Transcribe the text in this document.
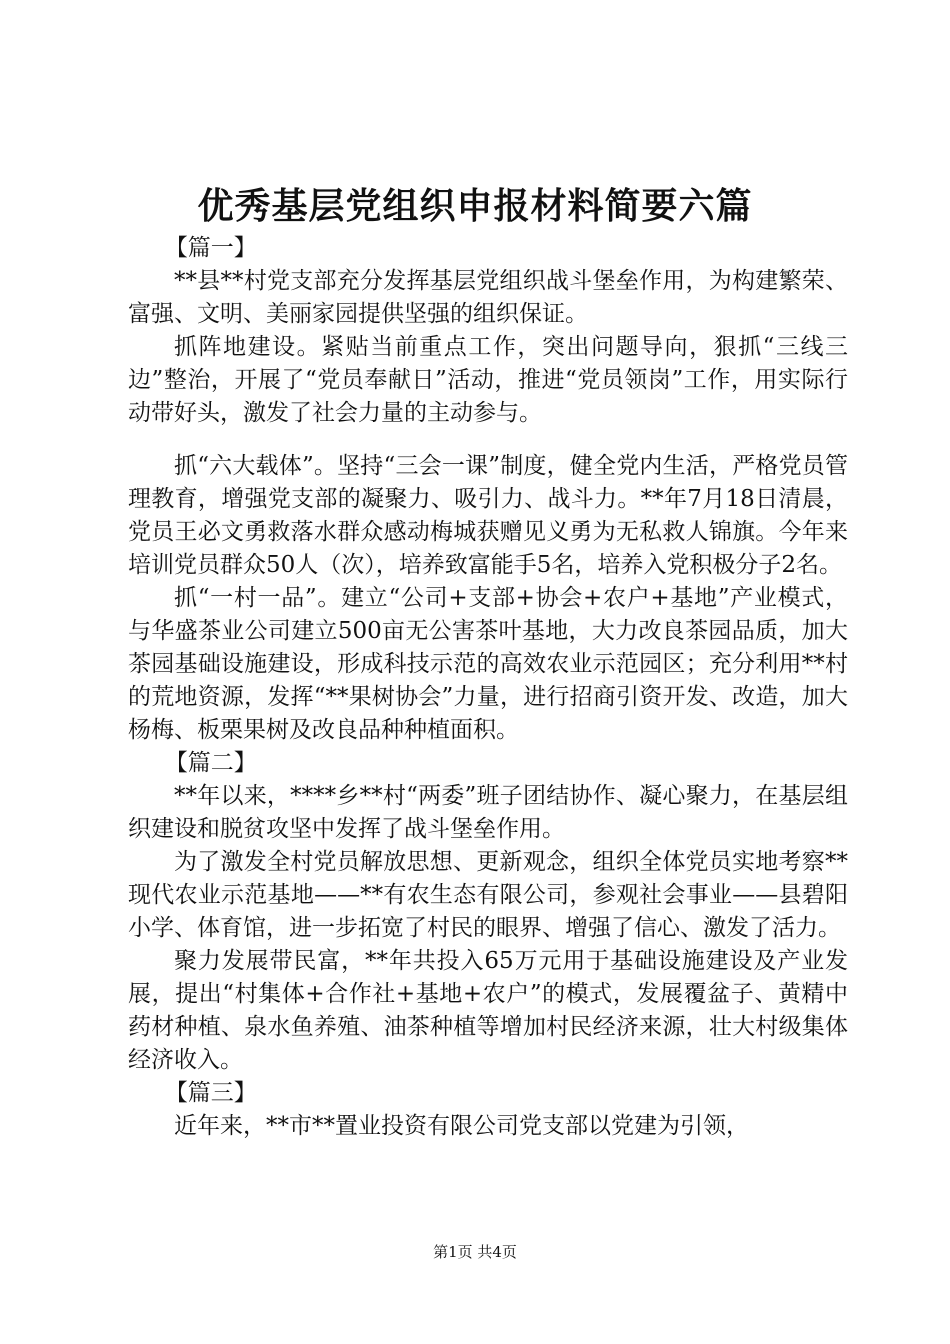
优秀基层党组织申报材料简要六篇

【篇一】

**县**村党支部充分发挥基层党组织战斗堡垒作用，为构建繁荣、富强、文明、美丽家园提供坚强的组织保证。

抓阵地建设。紧贴当前重点工作，突出问题导向，狠抓“三线三边”整治，开展了“党员奉献日”活动，推进“党员领岗”工作，用实际行动带好头，激发了社会力量的主动参与。

抓“六大载体”。坚持“三会一课”制度，健全党内生活，严格党员管理教育，增强党支部的凝聚力、吸引力、战斗力。**年7月18日清晨，党员王必文勇救落水群众感动梅城获赠见义勇为无私救人锦旗。今年来培训党员群众50人（次），培养致富能手5名，培养入党积极分子2名。

抓“一村一品”。建立“公司+支部+协会+农户+基地”产业模式，与华盛茶业公司建立500亩无公害茶叶基地，大力改良茶园品质，加大茶园基础设施建设，形成科技示范的高效农业示范园区；充分利用**村的荒地资源，发挥“**果树协会”力量，进行招商引资开发、改造，加大杨梅、板栗果树及改良品种种植面积。

【篇二】

**年以来，****乡**村“两委”班子团结协作、凝心聚力，在基层组织建设和脱贫攻坚中发挥了战斗堡垒作用。

为了激发全村党员解放思想、更新观念，组织全体党员实地考察**现代农业示范基地——**有农生态有限公司，参观社会事业——县碧阳小学、体育馆，进一步拓宽了村民的眼界、增强了信心、激发了活力。

聚力发展带民富，**年共投入65万元用于基础设施建设及产业发展，提出“村集体+合作社+基地+农户”的模式，发展覆盆子、黄精中药材种植、泉水鱼养殖、油茶种植等增加村民经济来源，壮大村级集体经济收入。

【篇三】

近年来，**市**置业投资有限公司党支部以党建为引领，

第1页 共4页
